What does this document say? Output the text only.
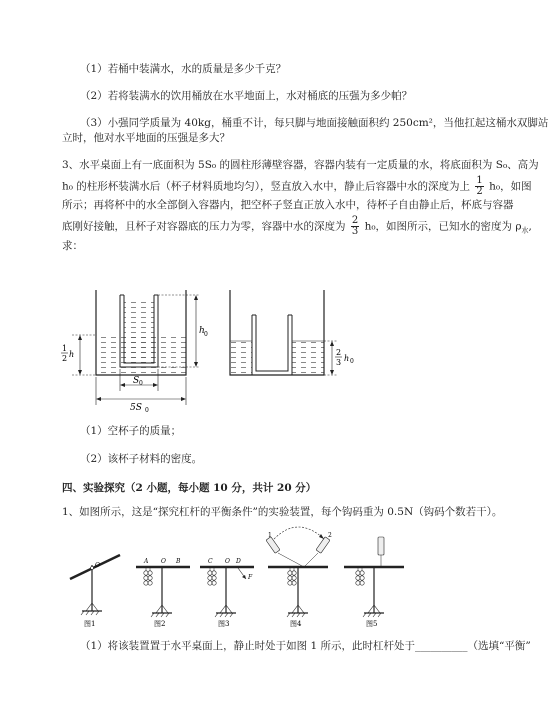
（1）若桶中装满水，水的质量是多少千克？
（2）若将装满水的饮用桶放在水平地面上，水对桶底的压强为多少帕？
（3）小强同学质量为 40kg，桶重不计，每只脚与地面接触面积约 250cm²，当他扛起这桶水双脚站
立时，他对水平地面的压强是多大？
3、水平桌面上有一底面积为 5S₀ 的圆柱形薄壁容器，容器内装有一定质量的水，将底面积为 S₀、高为
h₀ 的柱形杯装满水后（杯子材料质地均匀），竖直放入水中，静止后容器中水的深度为上 $\frac{1}{2} h_0$，如图
所示；再将杯中的水全部倒入容器内，把空杯子竖直正放入水中，待杯子自由静止后，杯底与容器
底刚好接触，且杯子对容器底的压力为零，容器中水的深度为 $\frac{2}{3} h_0$，如图所示，已知水的密度为 $\rho_水$,
求：
h 0
1
2 h
S 0
5S 0
2
3 h 0
（1）空杯子的质量；
（2）该杯子材料的密度。
四、实验探究（2 小题，每小题 10 分，共计 20 分）
1、如图所示，这是“探究杠杆的平衡条件”的实验装置，每个钩码重为 0.5N（钩码个数若干）。
O
图1
A O B
图2
C O D
F
图3
1	2
图4	图5
（1）将该装置置于水平桌面上，静止时处于如图 1 所示，此时杠杆处于__________（选填“平衡”
